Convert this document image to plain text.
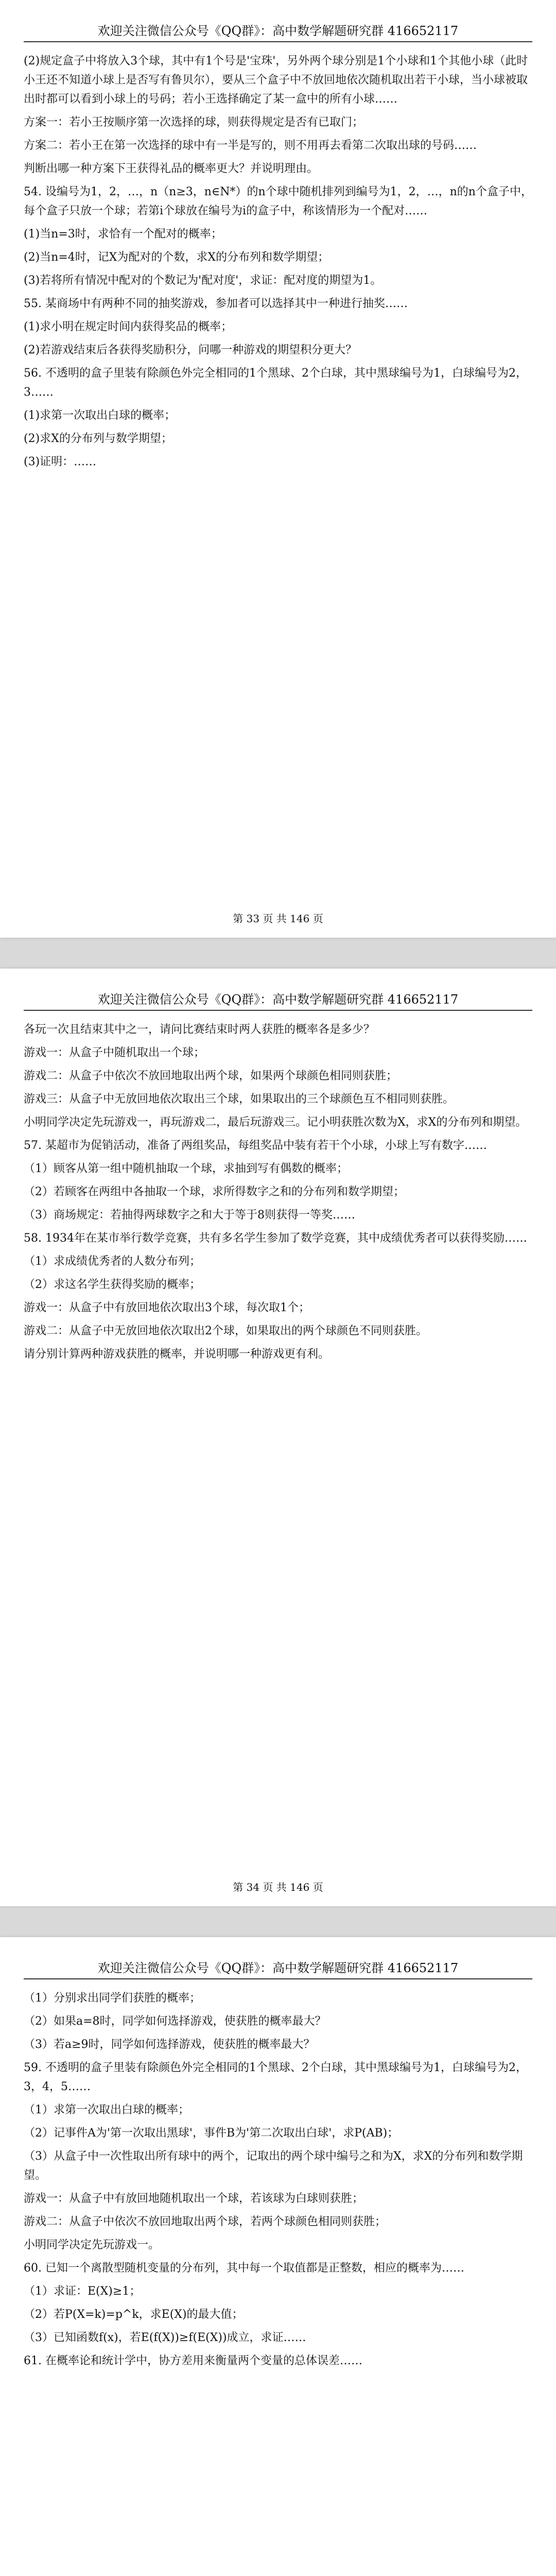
欢迎关注微信公众号《QQ群》：高中数学解题研究群 416652117

(2)规定盒子中将放入3个球，其中有1个号是'宝珠'，另外两个球分别是1个小球和1个其他小球（此时小王还不知道小球上是否写有鲁贝尔），要从三个盒子中不放回地依次随机取出若干小球，当小球被取出时都可以看到小球上的号码；若小王选择确定了某一盒中的所有小球……

方案一：若小王按顺序第一次选择的球，则获得规定是否有已取门；

方案二：若小王在第一次选择的球中有一半是写的，则不用再去看第二次取出球的号码……

判断出哪一种方案下王获得礼品的概率更大？并说明理由。

54. 设编号为1，2，…，n（n≥3，n∈N*）的n个球中随机排列到编号为1，2，…，n的n个盒子中，每个盒子只放一个球；若第i个球放在编号为i的盒子中，称该情形为一个配对……

(1)当n=3时，求恰有一个配对的概率；

(2)当n=4时，记X为配对的个数，求X的分布列和数学期望；

(3)若将所有情况中配对的个数记为'配对度'，求证：配对度的期望为1。

55. 某商场中有两种不同的抽奖游戏，参加者可以选择其中一种进行抽奖……

(1)求小明在规定时间内获得奖品的概率；

(2)若游戏结束后各获得奖励积分，问哪一种游戏的期望积分更大？

56. 不透明的盒子里装有除颜色外完全相同的1个黑球、2个白球，其中黑球编号为1，白球编号为2，3……

(1)求第一次取出白球的概率；

(2)求X的分布列与数学期望；

(3)证明：……

第 33 页 共 146 页
欢迎关注微信公众号《QQ群》：高中数学解题研究群 416652117

各玩一次且结束其中之一，请问比赛结束时两人获胜的概率各是多少？

游戏一：从盒子中随机取出一个球；

游戏二：从盒子中依次不放回地取出两个球，如果两个球颜色相同则获胜；

游戏三：从盒子中无放回地依次取出三个球，如果取出的三个球颜色互不相同则获胜。

小明同学决定先玩游戏一，再玩游戏二，最后玩游戏三。记小明获胜次数为X，求X的分布列和期望。

57. 某超市为促销活动，准备了两组奖品，每组奖品中装有若干个小球，小球上写有数字……

（1）顾客从第一组中随机抽取一个球，求抽到写有偶数的概率；

（2）若顾客在两组中各抽取一个球，求所得数字之和的分布列和数学期望；

（3）商场规定：若抽得两球数字之和大于等于8则获得一等奖……

58. 1934年在某市举行数学竞赛，共有多名学生参加了数学竞赛，其中成绩优秀者可以获得奖励……

（1）求成绩优秀者的人数分布列；

（2）求这名学生获得奖励的概率；

游戏一：从盒子中有放回地依次取出3个球，每次取1个；

游戏二：从盒子中无放回地依次取出2个球，如果取出的两个球颜色不同则获胜。

请分别计算两种游戏获胜的概率，并说明哪一种游戏更有利。

第 34 页 共 146 页
欢迎关注微信公众号《QQ群》：高中数学解题研究群 416652117

（1）分别求出同学们获胜的概率；

（2）如果a=8时，同学如何选择游戏，使获胜的概率最大？

（3）若a≥9时，同学如何选择游戏，使获胜的概率最大？

59. 不透明的盒子里装有除颜色外完全相同的1个黑球、2个白球，其中黑球编号为1，白球编号为2，3，4，5……

（1）求第一次取出白球的概率；

（2）记事件A为'第一次取出黑球'，事件B为'第二次取出白球'，求P(AB)；

（3）从盒子中一次性取出所有球中的两个，记取出的两个球中编号之和为X，求X的分布列和数学期望。

游戏一：从盒子中有放回地随机取出一个球，若该球为白球则获胜；

游戏二：从盒子中依次不放回地取出两个球，若两个球颜色相同则获胜；

小明同学决定先玩游戏一。

60. 已知一个离散型随机变量的分布列，其中每一个取值都是正整数，相应的概率为……

（1）求证：E(X)≥1；

（2）若P(X=k)=p^k，求E(X)的最大值；

（3）已知函数f(x)，若E(f(X))≥f(E(X))成立，求证……

61. 在概率论和统计学中，协方差用来衡量两个变量的总体误差……
